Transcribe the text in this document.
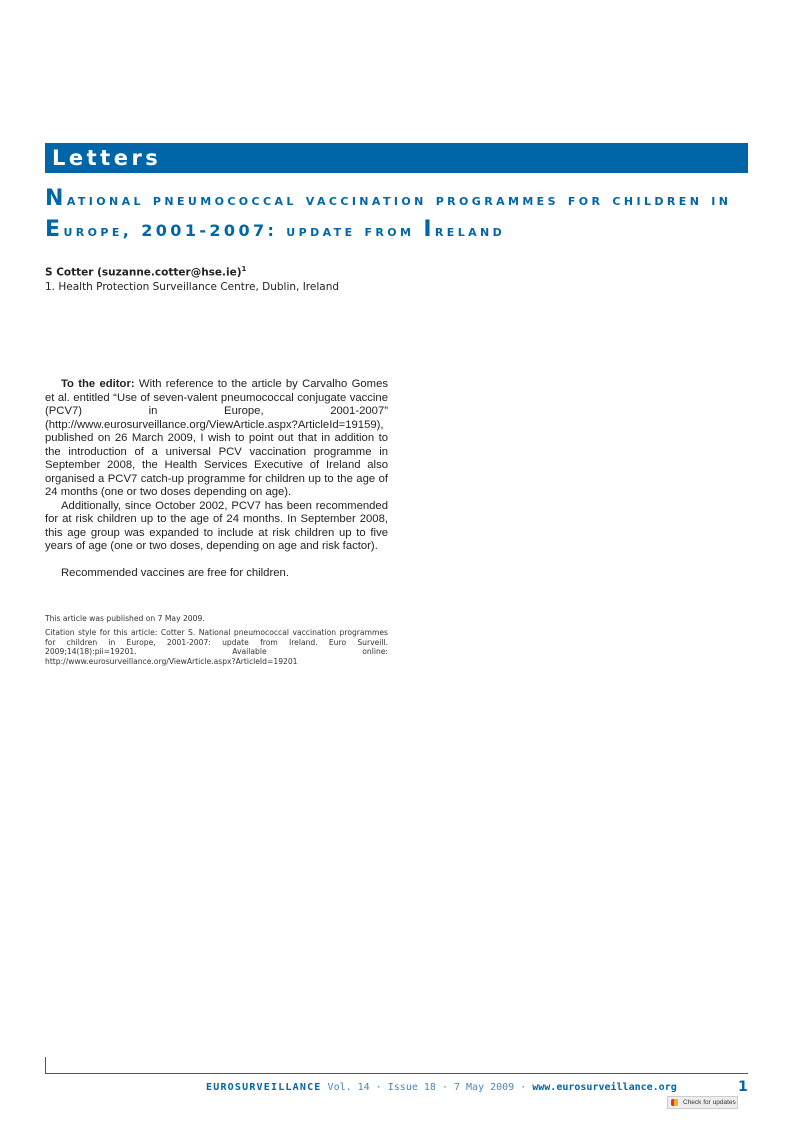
Letters
National pneumococcal vaccination programmes for children in Europe, 2001-2007: update from Ireland
S Cotter (suzanne.cotter@hse.ie)$^1$
1. Health Protection Surveillance Centre, Dublin, Ireland

To the editor: With reference to the article by Carvalho Gomes et al. entitled “Use of seven-valent pneumococcal conjugate vaccine (PCV7) in Europe, 2001-2007” (http://www.eurosurveillance.org/ViewArticle.aspx?ArticleId=19159), published on 26 March 2009, I wish to point out that in addition to the introduction of a universal PCV vaccination programme in September 2008, the Health Services Executive of Ireland also organised a PCV7 catch-up programme for children up to the age of 24 months (one or two doses depending on age).

Additionally, since October 2002, PCV7 has been recommended for at risk children up to the age of 24 months. In September 2008, this age group was expanded to include at risk children up to five years of age (one or two doses, depending on age and risk factor).

Recommended vaccines are free for children.

This article was published on 7 May 2009.
Citation style for this article: Cotter S. National pneumococcal vaccination programmes for children in Europe, 2001-2007: update from Ireland. Euro Surveill. 2009;14(18):pii=19201. Available online: http://www.eurosurveillance.org/ViewArticle.aspx?ArticleId=19201
EUROSURVEILLANCE Vol. 14 · Issue 18 · 7 May 2009 · www.eurosurveillance.org	1
Check for updates
